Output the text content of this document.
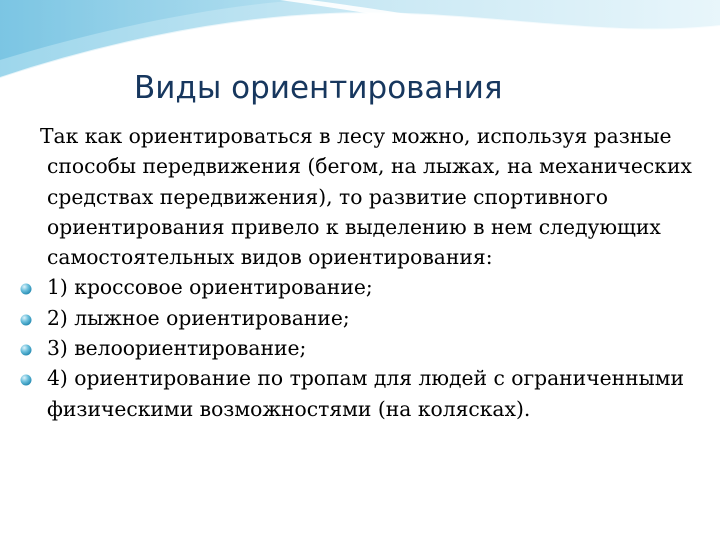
Виды ориентирования

Так как ориентироваться в лесу можно, используя разные способы передвижения (бегом, на лыжах, на механических средствах передвижения), то развитие спортивного ориентирования привело к выделению в нем следующих самостоятельных видов ориентирования:

1) кроссовое ориентирование;
2) лыжное ориентирование;
3) велоориентирование;
4) ориентирование по тропам для людей с ограниченными физическими возможностями (на колясках).
